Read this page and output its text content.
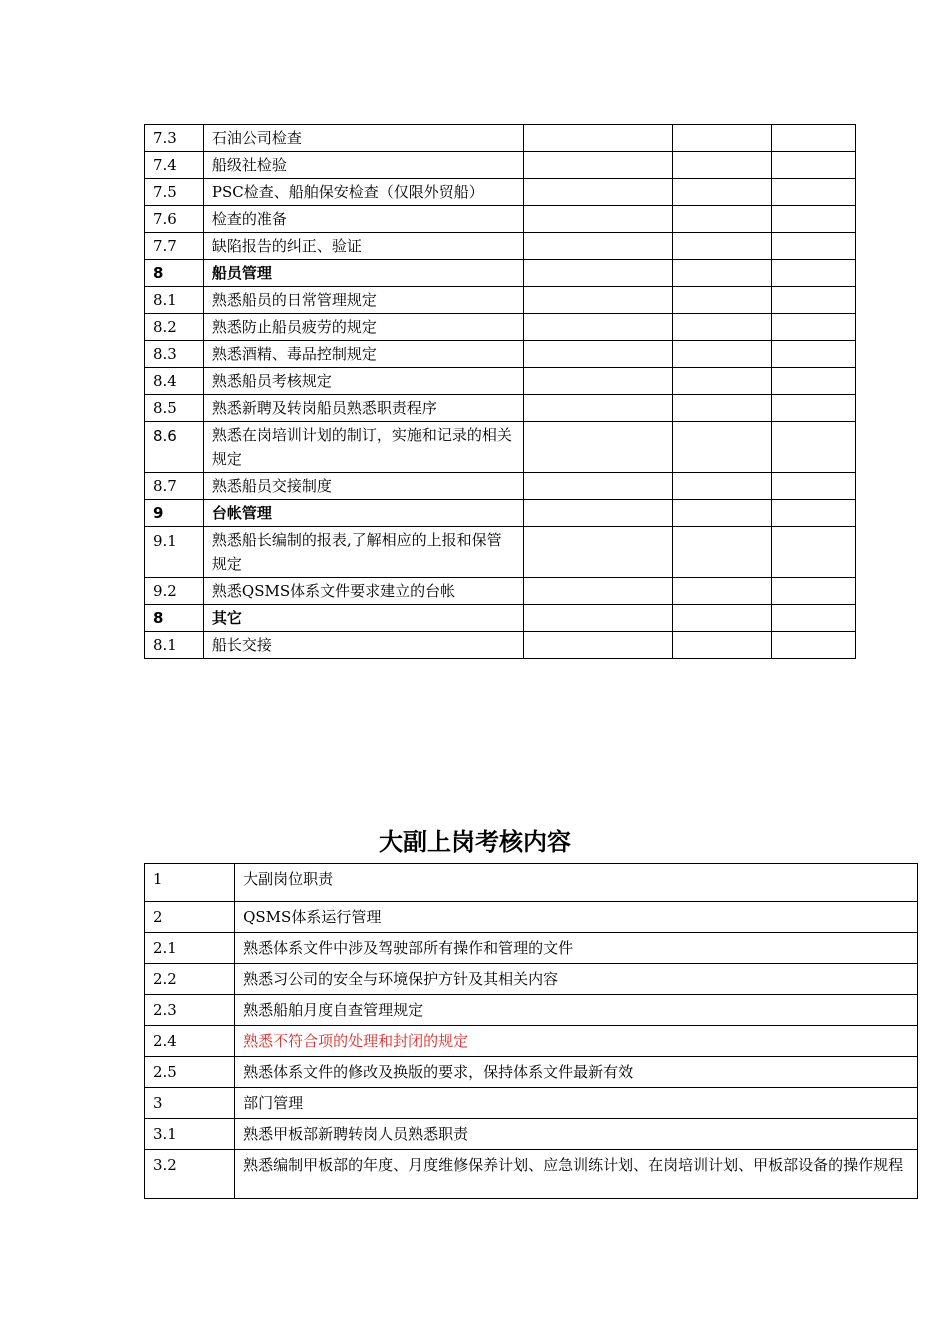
7.3	石油公司检查			
7.4	船级社检验			
7.5	PSC检查、船舶保安检查（仅限外贸船）			
7.6	检查的准备			
7.7	缺陷报告的纠正、验证			
8	船员管理			
8.1	熟悉船员的日常管理规定			
8.2	熟悉防止船员疲劳的规定			
8.3	熟悉酒精、毒品控制规定			
8.4	熟悉船员考核规定			
8.5	熟悉新聘及转岗船员熟悉职责程序			
8.6	熟悉在岗培训计划的制订，实施和记录的相关规定			
8.7	熟悉船员交接制度			
9	台帐管理			
9.1	熟悉船长编制的报表,了解相应的上报和保管规定			
9.2	熟悉QSMS体系文件要求建立的台帐			
8	其它			
8.1	船长交接			
大副上岗考核内容
1	大副岗位职责
2	QSMS体系运行管理
2.1	熟悉体系文件中涉及驾驶部所有操作和管理的文件
2.2	熟悉习公司的安全与环境保护方针及其相关内容
2.3	熟悉船舶月度自查管理规定
2.4	熟悉不符合项的处理和封闭的规定
2.5	熟悉体系文件的修改及换版的要求，保持体系文件最新有效
3	部门管理
3.1	熟悉甲板部新聘转岗人员熟悉职责
3.2	熟悉编制甲板部的年度、月度维修保养计划、应急训练计划、在岗培训计划、甲板部设备的操作规程
